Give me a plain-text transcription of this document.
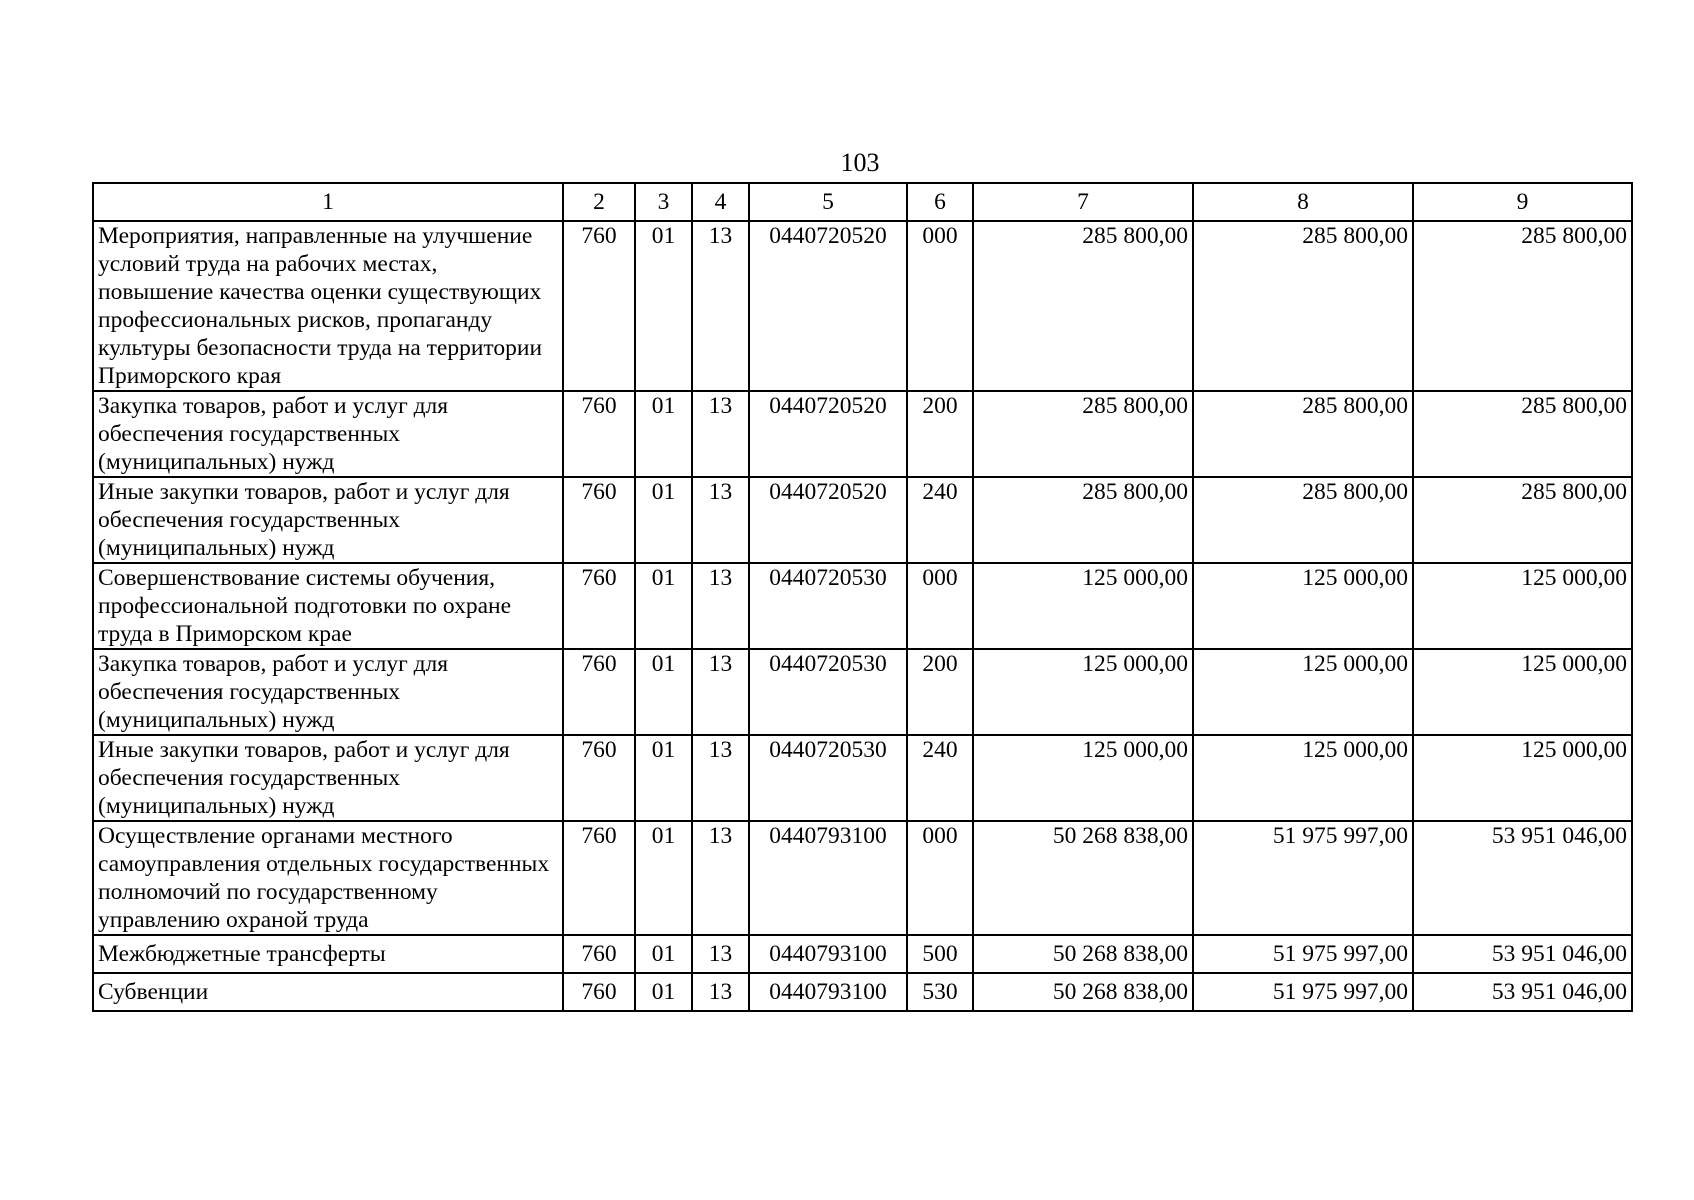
103
1	2	3	4	5	6	7	8	9
Мероприятия, направленные на улучшение условий труда на рабочих местах, повышение качества оценки существующих профессиональных рисков, пропаганду культуры безопасности труда на территории Приморского края	760	01	13	0440720520	000	285 800,00	285 800,00	285 800,00
Закупка товаров, работ и услуг для обеспечения государственных (муниципальных) нужд	760	01	13	0440720520	200	285 800,00	285 800,00	285 800,00
Иные закупки товаров, работ и услуг для обеспечения государственных (муниципальных) нужд	760	01	13	0440720520	240	285 800,00	285 800,00	285 800,00
Совершенствование системы обучения, профессиональной подготовки по охране труда в Приморском крае	760	01	13	0440720530	000	125 000,00	125 000,00	125 000,00
Закупка товаров, работ и услуг для обеспечения государственных (муниципальных) нужд	760	01	13	0440720530	200	125 000,00	125 000,00	125 000,00
Иные закупки товаров, работ и услуг для обеспечения государственных (муниципальных) нужд	760	01	13	0440720530	240	125 000,00	125 000,00	125 000,00
Осуществление органами местного самоуправления отдельных государственных полномочий по государственному управлению охраной труда	760	01	13	0440793100	000	50 268 838,00	51 975 997,00	53 951 046,00
Межбюджетные трансферты	760	01	13	0440793100	500	50 268 838,00	51 975 997,00	53 951 046,00
Субвенции	760	01	13	0440793100	530	50 268 838,00	51 975 997,00	53 951 046,00
